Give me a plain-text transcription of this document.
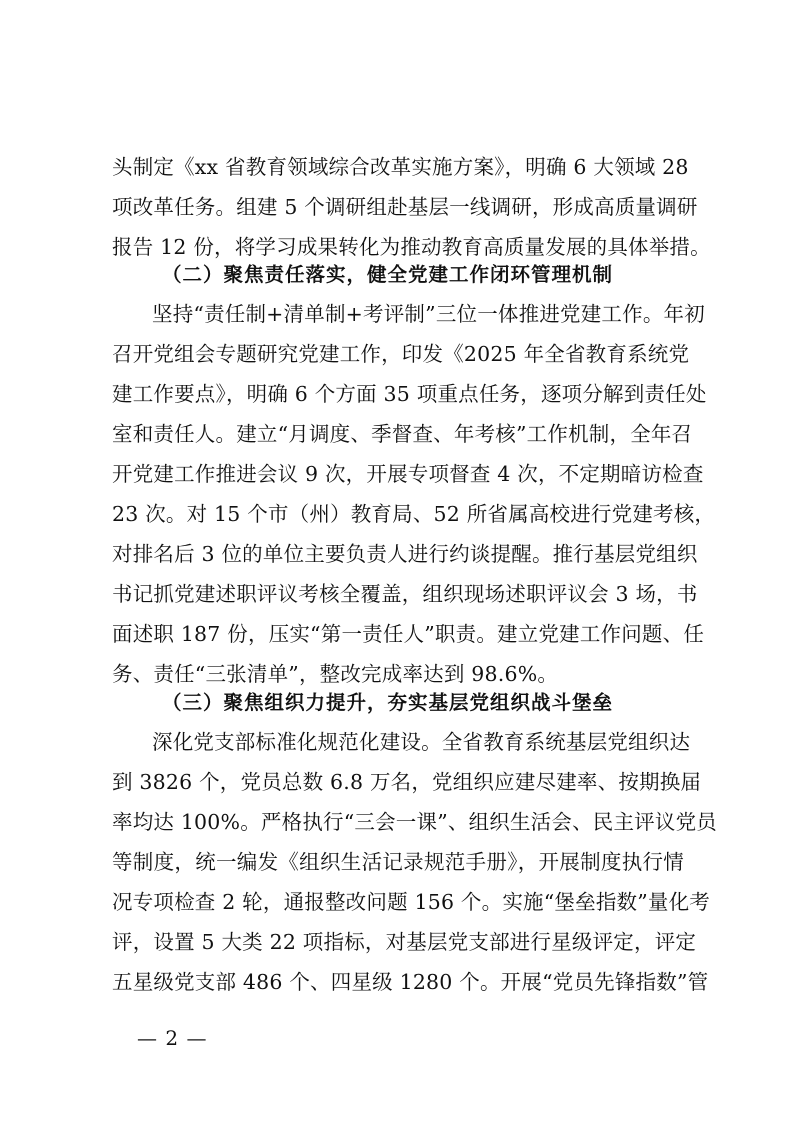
头制定《xx 省教育领域综合改革实施方案》，明确 6 大领域 28
项改革任务。组建 5 个调研组赴基层一线调研，形成高质量调研
报告 12 份，将学习成果转化为推动教育高质量发展的具体举措。
（二）聚焦责任落实，健全党建工作闭环管理机制
坚持“责任制+清单制+考评制”三位一体推进党建工作。年初
召开党组会专题研究党建工作，印发《2025 年全省教育系统党
建工作要点》，明确 6 个方面 35 项重点任务，逐项分解到责任处
室和责任人。建立“月调度、季督查、年考核”工作机制，全年召
开党建工作推进会议 9 次，开展专项督查 4 次，不定期暗访检查
23 次。对 15 个市（州）教育局、52 所省属高校进行党建考核，
对排名后 3 位的单位主要负责人进行约谈提醒。推行基层党组织
书记抓党建述职评议考核全覆盖，组织现场述职评议会 3 场，书
面述职 187 份，压实“第一责任人”职责。建立党建工作问题、任
务、责任“三张清单”，整改完成率达到 98.6%。
（三）聚焦组织力提升，夯实基层党组织战斗堡垒
深化党支部标准化规范化建设。全省教育系统基层党组织达
到 3826 个，党员总数 6.8 万名，党组织应建尽建率、按期换届
率均达 100%。严格执行“三会一课”、组织生活会、民主评议党员
等制度，统一编发《组织生活记录规范手册》，开展制度执行情
况专项检查 2 轮，通报整改问题 156 个。实施“堡垒指数”量化考
评，设置 5 大类 22 项指标，对基层党支部进行星级评定，评定
五星级党支部 486 个、四星级 1280 个。开展“党员先锋指数”管
— 2 —
